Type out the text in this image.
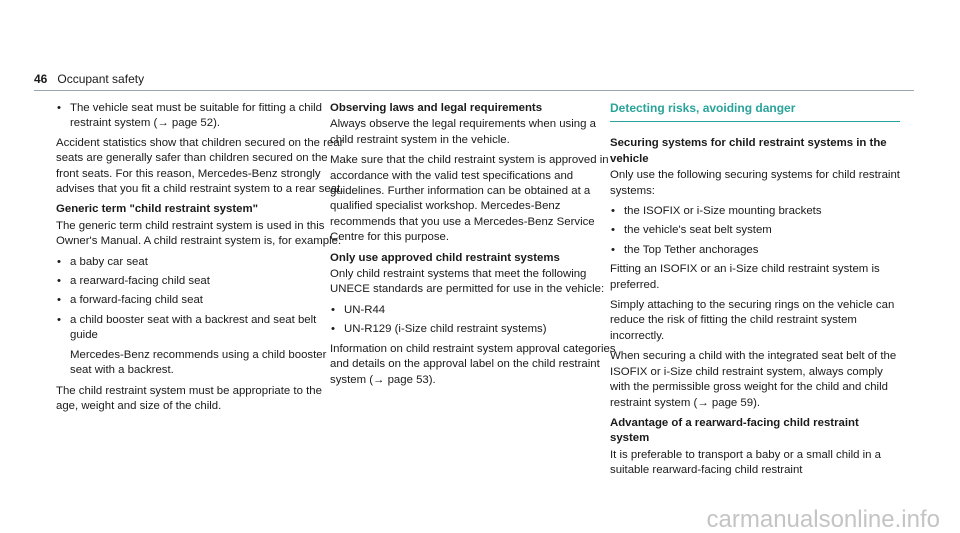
46 Occupant safety
• The vehicle seat must be suitable for fitting a child restraint system (→ page 52).

Accident statistics show that children secured on the rear seats are generally safer than children secured on the front seats. For this reason, Mercedes-Benz strongly advises that you fit a child restraint system to a rear seat.

Generic term "child restraint system"

The generic term child restraint system is used in this Owner's Manual. A child restraint system is, for example:

• a baby car seat
• a rearward-facing child seat
• a forward-facing child seat
• a child booster seat with a backrest and seat belt guide

Mercedes-Benz recommends using a child booster seat with a backrest.

The child restraint system must be appropriate to the age, weight and size of the child.

Observing laws and legal requirements

Always observe the legal requirements when using a child restraint system in the vehicle.

Make sure that the child restraint system is approved in accordance with the valid test specifications and guidelines. Further information can be obtained at a qualified specialist workshop. Mercedes-Benz recommends that you use a Mercedes-Benz Service Centre for this purpose.

Only use approved child restraint systems

Only child restraint systems that meet the following UNECE standards are permitted for use in the vehicle:

• UN-R44
• UN-R129 (i-Size child restraint systems)

Information on child restraint system approval categories and details on the approval label on the child restraint system (→ page 53).

Detecting risks, avoiding danger

Securing systems for child restraint systems in the vehicle

Only use the following securing systems for child restraint systems:

• the ISOFIX or i-Size mounting brackets
• the vehicle's seat belt system
• the Top Tether anchorages

Fitting an ISOFIX or an i-Size child restraint system is preferred.

Simply attaching to the securing rings on the vehicle can reduce the risk of fitting the child restraint system incorrectly.

When securing a child with the integrated seat belt of the ISOFIX or i-Size child restraint system, always comply with the permissible gross weight for the child and child restraint system (→ page 59).

Advantage of a rearward-facing child restraint system

It is preferable to transport a baby or a small child in a suitable rearward-facing child restraint

carmanualsonline.info
